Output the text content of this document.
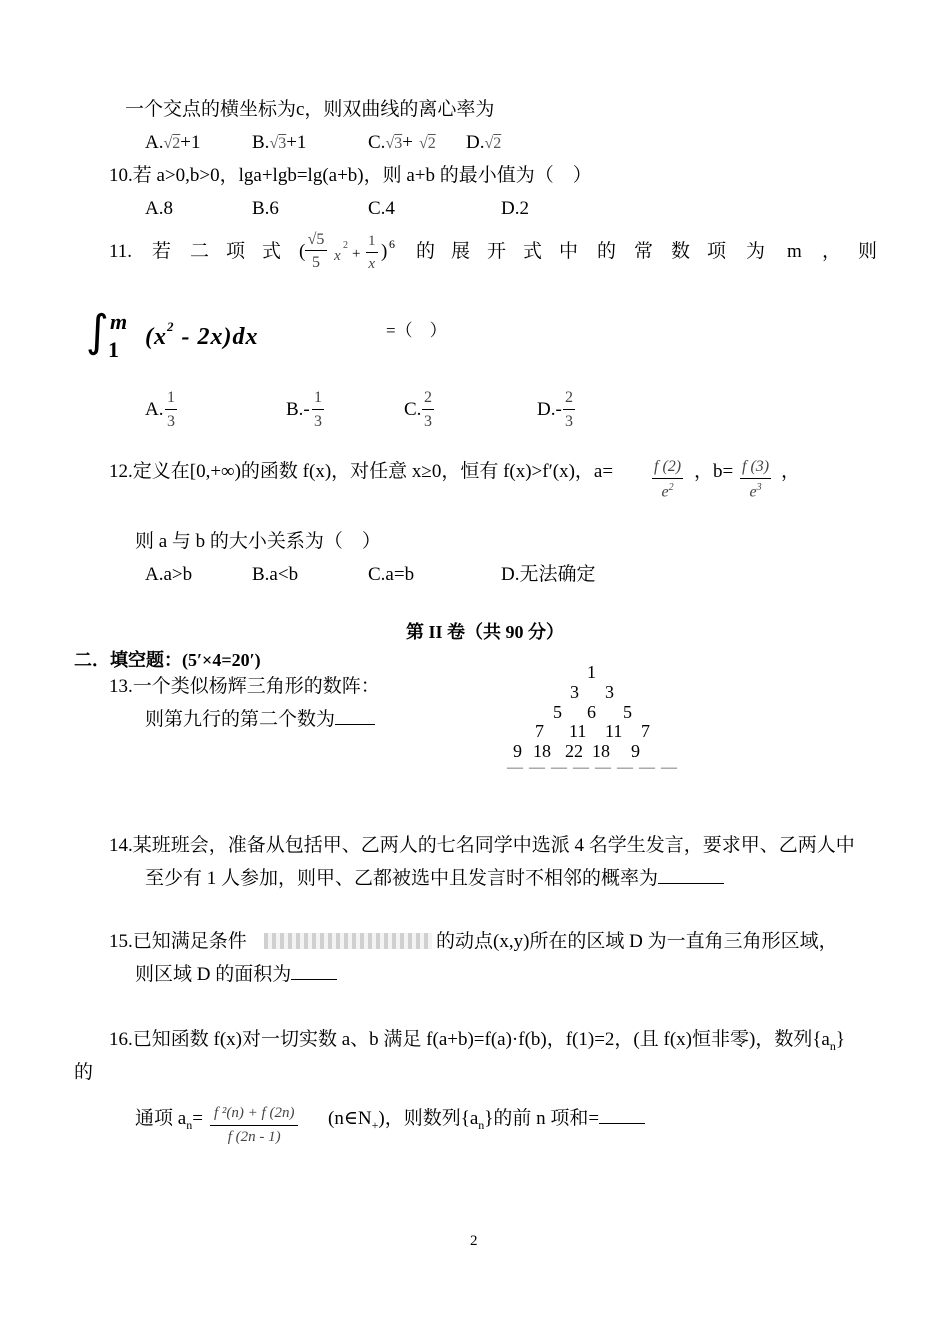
一个交点的横坐标为c，则双曲线的离心率为
A.√2+1	B.√3+1	C.√3+ √2 D.√2
10.若 a>0,b>0，lga+lgb=lg(a+b)，则 a+b 的最小值为（　）
A.8	B.6	C.4	D.2
11. 若 二 项 式 (
√5
5 x
2
+ $\frac{1}{x}$ ) 6 的 展 开 式 中 的 常 数 项 为 m ， 则
∫ m
1 $(x^2 - 2x)dx$	=（　）
A. $\frac{1}{3}$	$B.- \frac{1}{3}$	C. $\frac{2}{3}$	$D.- \frac{2}{3}$
12.定义在[0,+∞)的函数 f(x)，对任意 x≥0，恒有 f(x)>f′(x)，$a= \frac{f (2)}{e^2}$ ，$b= \frac{f (3)}{e^3}$ ，
则 a 与 b 的大小关系为（　）
A.a>b	B.a<b	C.a=b	D.无法确定
第 II 卷（共 90 分）
二．填空题：(5′×4=20′)
13.一个类似杨辉三角形的数阵：
则第九行的第二个数为
1
3 3
5 6 5
7 11 11 7
9 18 22 18 9
— — — — — — — —
14.某班班会，准备从包括甲、乙两人的七名同学中选派 4 名学生发言，要求甲、乙两人中
至少有 1 人参加，则甲、乙都被选中且发言时不相邻的概率为
15.已知满足条件	的动点(x,y)所在的区域 D 为一直角三角形区域，
则区域 D 的面积为
16.已知函数 f(x)对一切实数 a、b 满足 f(a+b)=f(a)·f(b)，f(1)=2，(且 f(x)恒非零)，数列$\{a_n\}$
的
通项 $a_n= \frac{\text{f ²(n) + f (2n)}}{f (2n - 1)}$ $(n\in N_+)$，则数列$\{a_n\}$的前 n 项和=
2
